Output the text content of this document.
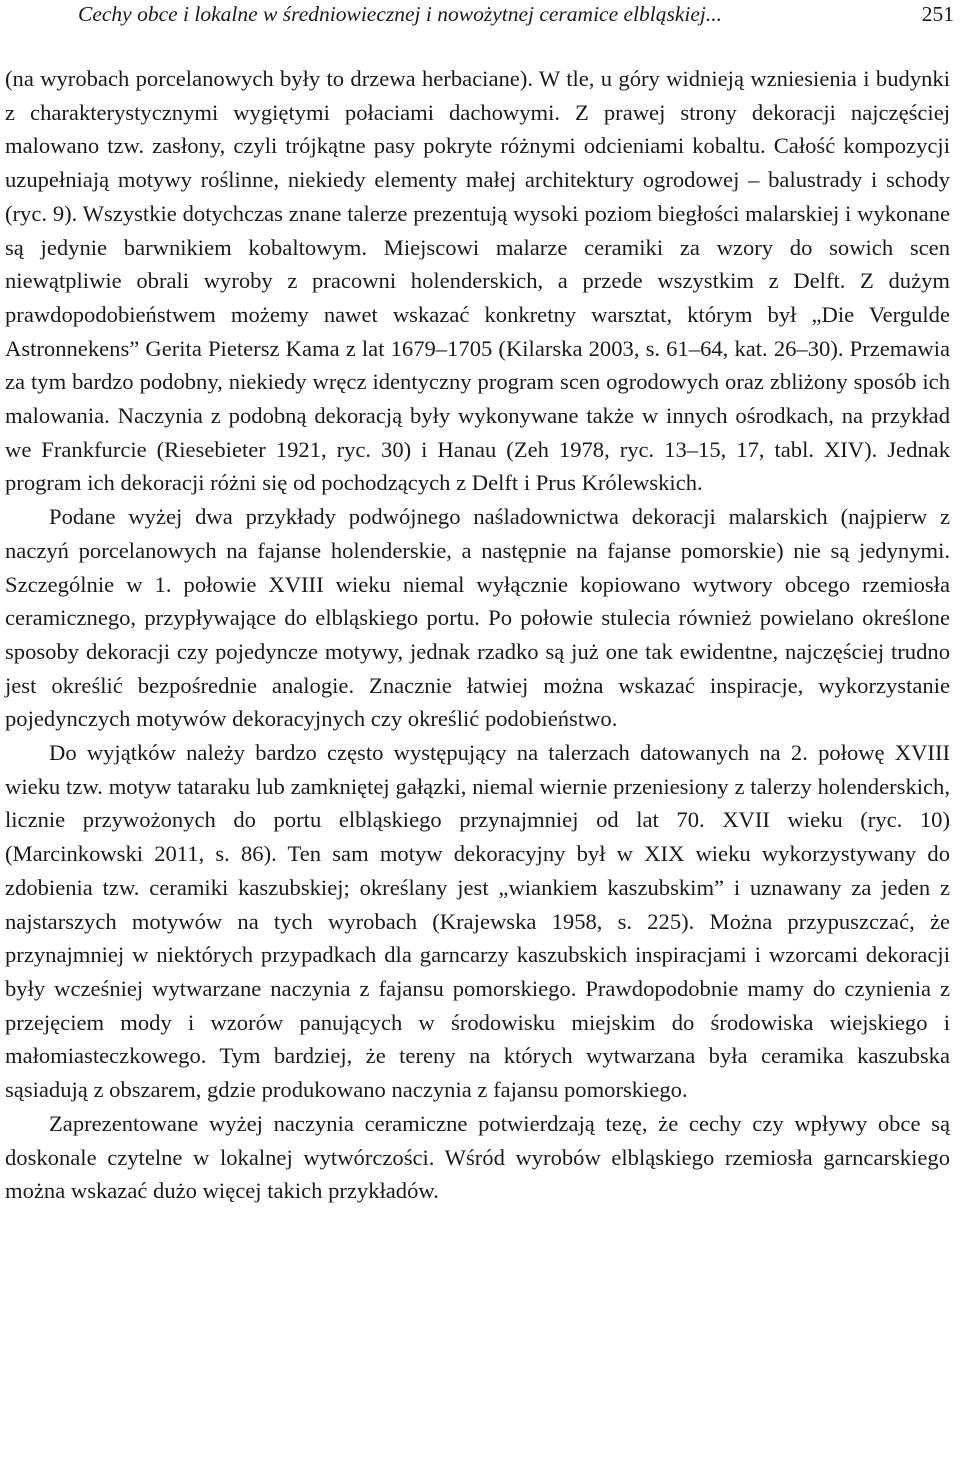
Cechy obce i lokalne w średniowiecznej i nowożytnej ceramice elbląskiej...	251

(na wyrobach porcelanowych były to drzewa herbaciane). W tle, u góry widnieją wzniesienia i budynki z charakterystycznymi wygiętymi połaciami dachowymi. Z prawej strony dekoracji najczęściej malowano tzw. zasłony, czyli trójkątne pasy pokryte różnymi odcieniami kobaltu. Całość kompozycji uzupełniają motywy roślinne, niekiedy elementy małej architektury ogrodowej – balustrady i schody (ryc. 9). Wszystkie dotychczas znane talerze prezentują wysoki poziom biegłości malarskiej i wykonane są jedynie barwnikiem kobaltowym. Miejscowi malarze ceramiki za wzory do sowich scen niewątpliwie obrali wyroby z pracowni holenderskich, a przede wszystkim z Delft. Z dużym prawdopodobieństwem możemy nawet wskazać konkretny warsztat, którym był „Die Vergulde Astronnekens” Gerita Pietersz Kama z lat 1679–1705 (Kilarska 2003, s. 61–64, kat. 26–30). Przemawia za tym bardzo podobny, niekiedy wręcz identyczny program scen ogrodowych oraz zbliżony sposób ich malowania. Naczynia z podobną dekoracją były wykonywane także w innych ośrodkach, na przykład we Frankfurcie (Riesebieter 1921, ryc. 30) i Hanau (Zeh 1978, ryc. 13–15, 17, tabl. XIV). Jednak program ich dekoracji różni się od pochodzących z Delft i Prus Królewskich.

Podane wyżej dwa przykłady podwójnego naśladownictwa dekoracji malarskich (najpierw z naczyń porcelanowych na fajanse holenderskie, a następnie na fajanse pomorskie) nie są jedynymi. Szczególnie w 1. połowie XVIII wieku niemal wyłącznie kopiowano wytwory obcego rzemiosła ceramicznego, przypływające do elbląskiego portu. Po połowie stulecia również powielano określone sposoby dekoracji czy pojedyncze motywy, jednak rzadko są już one tak ewidentne, najczęściej trudno jest określić bezpośrednie analogie. Znacznie łatwiej można wskazać inspiracje, wykorzystanie pojedynczych motywów dekoracyjnych czy określić podobieństwo.

Do wyjątków należy bardzo często występujący na talerzach datowanych na 2. połowę XVIII wieku tzw. motyw tataraku lub zamkniętej gałązki, niemal wiernie przeniesiony z talerzy holenderskich, licznie przywożonych do portu elbląskiego przynajmniej od lat 70. XVII wieku (ryc. 10) (Marcinkowski 2011, s. 86). Ten sam motyw dekoracyjny był w XIX wieku wykorzystywany do zdobienia tzw. ceramiki kaszubskiej; określany jest „wiankiem kaszubskim” i uznawany za jeden z najstarszych motywów na tych wyrobach (Krajewska 1958, s. 225). Można przypuszczać, że przynajmniej w niektórych przypadkach dla garncarzy kaszubskich inspiracjami i wzorcami dekoracji były wcześniej wytwarzane naczynia z fajansu pomorskiego. Prawdopodobnie mamy do czynienia z przejęciem mody i wzorów panujących w środowisku miejskim do środowiska wiejskiego i małomiasteczkowego. Tym bardziej, że tereny na których wytwarzana była ceramika kaszubska sąsiadują z obszarem, gdzie produkowano naczynia z fajansu pomorskiego.

Zaprezentowane wyżej naczynia ceramiczne potwierdzają tezę, że cechy czy wpływy obce są doskonale czytelne w lokalnej wytwórczości. Wśród wyrobów elbląskiego rzemiosła garncarskiego można wskazać dużo więcej takich przykładów.
